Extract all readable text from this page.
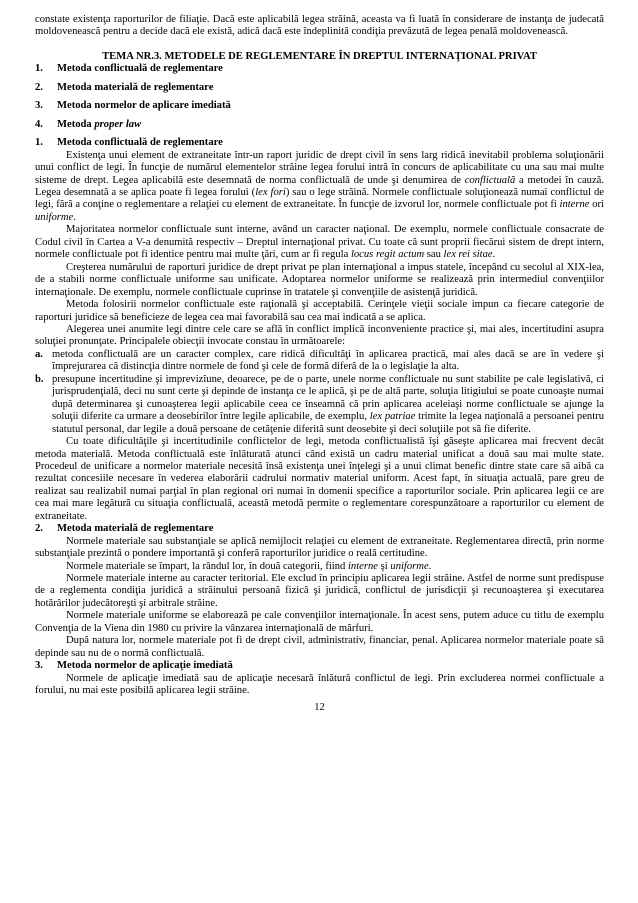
constate existenţa raporturilor de filiaţie. Dacă este aplicabilă legea străină, aceasta va fi luată în considerare de instanţa de judecată moldovenească pentru a decide dacă ele există, adică dacă este îndeplinită condiţia prevăzută de legea penală moldovenească.

TEMA NR.3. METODELE DE REGLEMENTARE ÎN DREPTUL INTERNAŢIONAL PRIVAT

1.	Metoda conflictuală de reglementare
2.	Metoda materială de reglementare
3.	Metoda normelor de aplicare imediată
4.	Metoda proper law
1.	Metoda conflictuală de reglementare

Existenţa unui element de extraneitate într-un raport juridic de drept civil în sens larg ridică inevitabil problema soluţionării unui conflict de legi. În funcţie de numărul elementelor străine legea forului intră în concurs de aplicabilitate cu una sau mai multe sisteme de drept. Legea aplicabilă este desemnată de norma conflictuală de unde şi denumirea de conflictuală a metodei în cauză. Legea desemnată a se aplica poate fi legea forului (lex fori) sau o lege străină. Normele conflictuale soluţionează numai conflictul de legi, fără a conţine o reglementare a relaţiei cu element de extraneitate. În funcţie de izvorul lor, normele conflictuale pot fi interne ori uniforme.

Majoritatea normelor conflictuale sunt interne, având un caracter naţional. De exemplu, normele conflictuale consacrate de Codul civil în Cartea a V-a denumită respectiv – Dreptul internaţional privat. Cu toate că sunt proprii fiecărui sistem de drept intern, normele conflictuale pot fi identice pentru mai multe ţări, cum ar fi regula locus regit actum sau lex rei sitae.

Creşterea numărului de raporturi juridice de drept privat pe plan internaţional a impus statele, începând cu secolul al XIX-lea, de a stabili norme conflictuale uniforme sau unificate. Adoptarea normelor uniforme se realizează prin intermediul convenţiilor internaţionale. De exemplu, normele conflictuale cuprinse în tratatele şi convenţiile de asistenţă juridică.

Metoda folosirii normelor conflictuale este raţională şi acceptabilă. Cerinţele vieţii sociale impun ca fiecare categorie de raporturi juridice să beneficieze de legea cea mai favorabilă sau cea mai indicată a se aplica.

Alegerea unei anumite legi dintre cele care se află în conflict implică inconveniente practice şi, mai ales, incertitudini asupra soluţiei pronunţate. Principalele obiecţii invocate constau în următoarele:

a. metoda conflictuală are un caracter complex, care ridică dificultăţi în aplicarea practică, mai ales dacă se are în vedere şi împrejurarea că distincţia dintre normele de fond şi cele de formă diferă de la o legislaţie la alta.
b. presupune incertitudine şi imprevizîune, deoarece, pe de o parte, unele norme conflictuale nu sunt stabilite pe cale legislativă, ci jurisprudenţială, deci nu sunt certe şi depinde de instanţa ce le aplică, şi pe de altă parte, soluţia litigiului se poate cunoaşte numai după determinarea şi cunoaşterea legii aplicabile ceea ce înseamnă că prin aplicarea aceleiaşi norme conflictuale se ajunge la soluţii diferite ca urmare a deosebirilor între legile aplicabile, de exemplu, lex patriae trimite la legea naţională a persoanei pentru statutul personal, dar legile a două persoane de cetăţenie diferită sunt deosebite şi deci soluţiile pot să fie diferite.

Cu toate dificultăţile şi incertitudinile conflictelor de legi, metoda conflictualistă îşi găseşte aplicarea mai frecvent decât metoda materială. Metoda conflictuală este înlăturată atunci când există un cadru material unificat a două sau mai multe state. Procedeul de unificare a normelor materiale necesită însă existenţa unei înţelegi şi a unui climat benefic dintre state care să aibă ca rezultat concesiile necesare în vederea elaborării cadrului normativ material uniform. Acest fapt, în situaţia actuală, pare greu de realizat sau realizabil numai parţial în plan regional ori numai în domenii specifice a raporturilor sociale. Prin aplicarea legii ce are cea mai mare legătură cu situaţia conflictuală, această metodă permite o reglementare corespunzătoare a raporturilor cu element de extraneitate.

2.	Metoda materială de reglementare

Normele materiale sau substanţiale se aplică nemijlocit relaţiei cu element de extraneitate. Reglementarea directă, prin norme substanţiale prezintă o pondere importantă şi conferă raporturilor juridice o reală certitudine.

Normele materiale se împart, la rândul lor, în două categorii, fiind interne şi uniforme.

Normele materiale interne au caracter teritorial. Ele exclud în principiu aplicarea legii străine. Astfel de norme sunt predispuse de a reglementa condiţia juridică a străinului persoană fizică şi juridică, conflictul de jurisdicţii şi recunoaşterea şi executarea hotărârilor judecătoreşti şi arbitrale străine.

Normele materiale uniforme se elaborează pe cale convenţiilor internaţionale. În acest sens, putem aduce cu titlu de exemplu Convenţia de la Viena din 1980 cu privire la vânzarea internaţională de mărfuri.

După natura lor, normele materiale pot fi de drept civil, administrativ, financiar, penal. Aplicarea normelor materiale poate să depinde sau nu de o normă conflictuală.

3.	Metoda normelor de aplicaţie imediată

Normele de aplicaţie imediată sau de aplicaţie necesară înlătură conflictul de legi. Prin excluderea normei conflictuale a forului, nu mai este posibilă aplicarea legii străine.

12
